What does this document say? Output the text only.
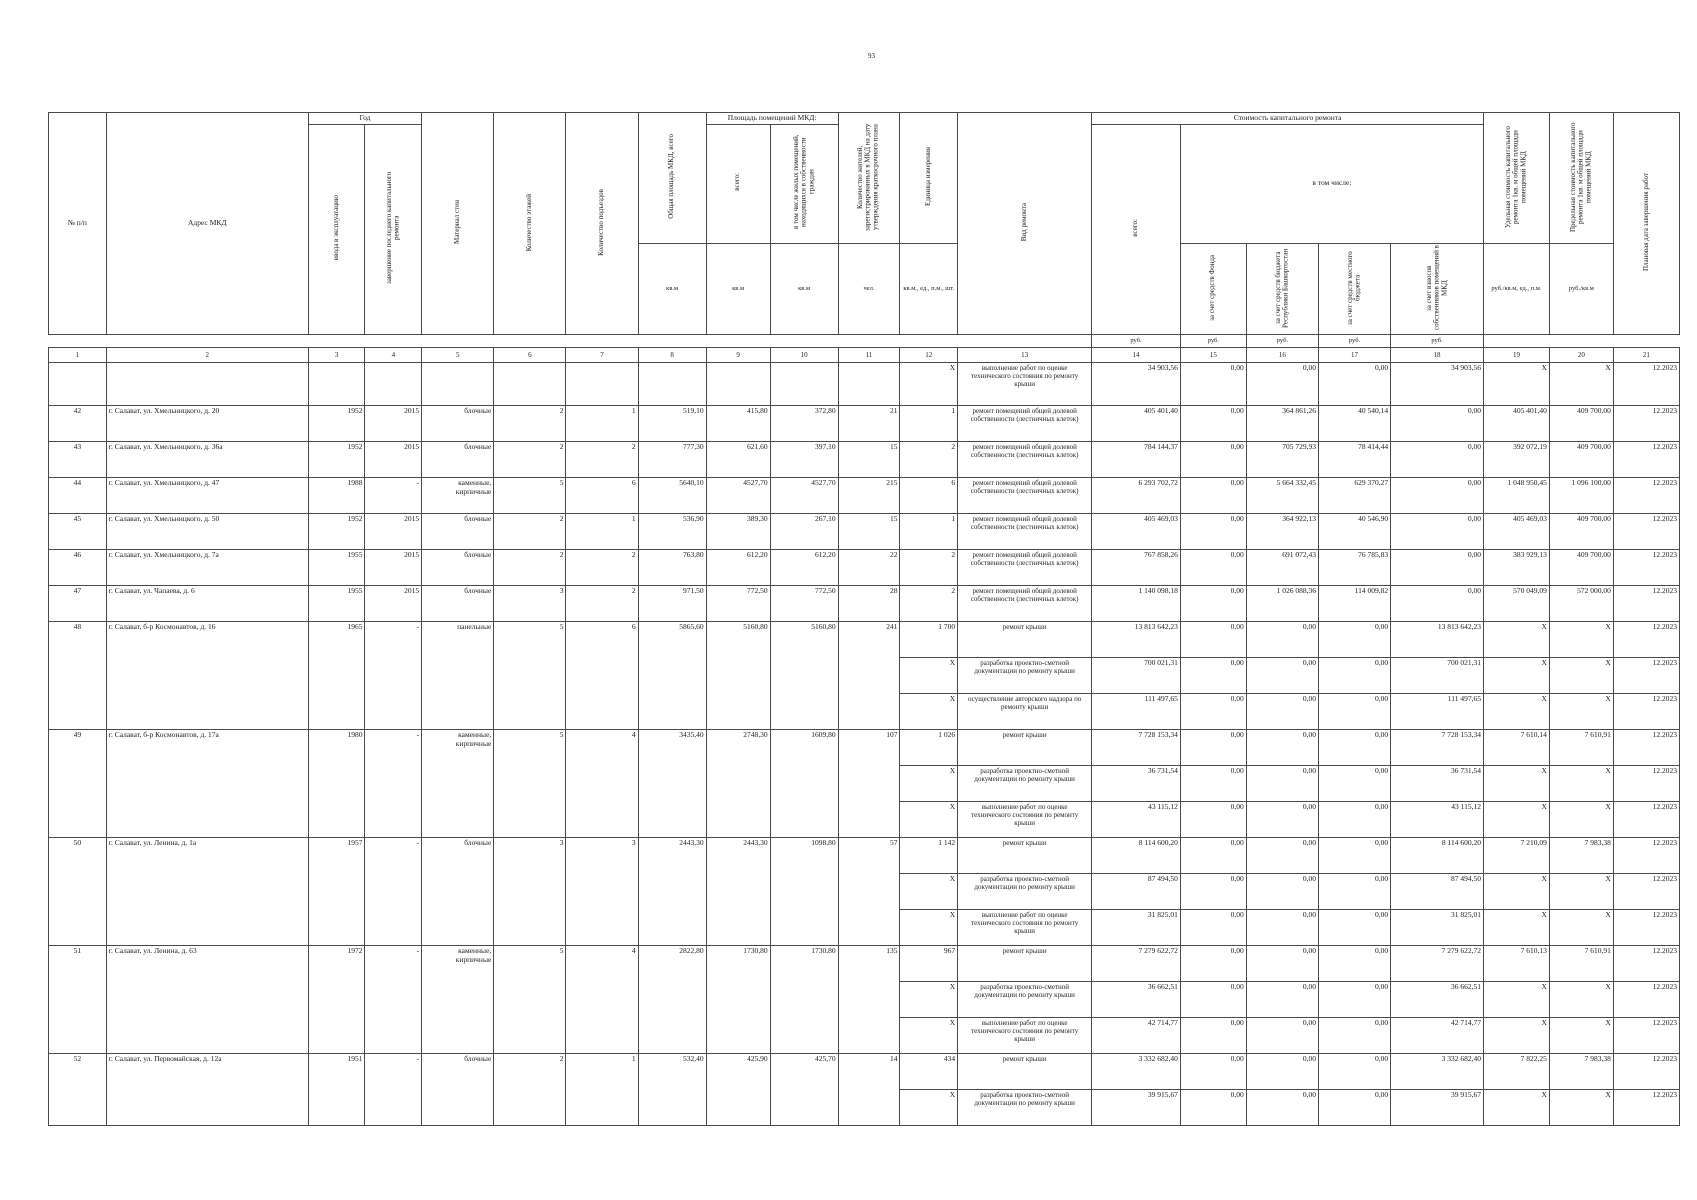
93
№ п/п	Адрес МКД	Год		Материал стен	Количество этажей	Количество подъездов	Общая площадь МКД, всего	Площадь помещений МКД:		Количество жителей, зарегистрированных в МКД на дату утверждения краткосрочного плана	Единица измерения	Вид ремонта	Стоимость капитального ремонта					Удельная стоимость капитального ремонта 1кв. м общей площади помещений МКД	Предельная стоимость капитального ремонта 1кв. м общей площади помещений МКД	Плановая дата завершения работ
		ввода в эксплуатацию	завершение последнего капитального ремонта					всего:	в том числе жилых помещений, находящихся в собственности граждан				всего:	в том числе:						
							кв.м	кв.м	кв.м	чел.	кв.м., ед., п.м., шт.			за счет средств Фонда	за счет средств бюджета Республики Башкортостан	за счет средств местного бюджета	за счет взносов собственников помещений в МКД	руб./кв.м, ед., п.м.	руб./кв.м	
													руб.	руб.	руб.	руб.	руб.			
1	2	3	4	5	6	7	8	9	10	11	12	13	14	15	16	17	18	19	20	21
											X	выполнение работ по оценке технического состояния по ремонту крыши	34 903,56	0,00	0,00	0,00	34 903,56	X	X	12.2023
42	г. Салават, ул. Хмельницкого, д. 20	1952	2015	блочные	2	1	519,10	415,80	372,80	21	1	ремонт помещений общей долевой собственности (лестничных клеток)	405 401,40	0,00	364 861,26	40 540,14	0,00	405 401,40	409 700,00	12.2023
43	г. Салават, ул. Хмельницкого, д. 36а	1952	2015	блочные	2	2	777,30	621,60	397,10	15	2	ремонт помещений общей долевой собственности (лестничных клеток)	784 144,37	0,00	705 729,93	78 414,44	0,00	392 072,19	409 700,00	12.2023
44	г. Салават, ул. Хмельницкого, д. 47	1988	-	каменные, кирпичные	5	6	5640,10	4527,70	4527,70	215	6	ремонт помещений общей долевой собственности (лестничных клеток)	6 293 702,72	0,00	5 664 332,45	629 370,27	0,00	1 048 950,45	1 096 100,00	12.2023
45	г. Салават, ул. Хмельницкого, д. 50	1952	2015	блочные	2	1	536,90	389,30	267,10	15	1	ремонт помещений общей долевой собственности (лестничных клеток)	405 469,03	0,00	364 922,13	40 546,90	0,00	405 469,03	409 700,00	12.2023
46	г. Салават, ул. Хмельницкого, д. 7а	1955	2015	блочные	2	2	763,80	612,20	612,20	22	2	ремонт помещений общей долевой собственности (лестничных клеток)	767 858,26	0,00	691 072,43	76 785,83	0,00	383 929,13	409 700,00	12.2023
47	г. Салават, ул. Чапаева, д. 6	1955	2015	блочные	3	2	971,50	772,50	772,50	28	2	ремонт помещений общей долевой собственности (лестничных клеток)	1 140 098,18	0,00	1 026 088,36	114 009,82	0,00	570 049,09	572 000,00	12.2023
48	г. Салават, б-р Космонавтов, д. 16	1965	-	панельные	5	6	5865,60	5160,80	5160,80	241	1 700	ремонт крыши	13 813 642,23	0,00	0,00	0,00	13 813 642,23	X	X	12.2023
											X	разработка проектно-сметной документации по ремонту крыши	700 021,31	0,00	0,00	0,00	700 021,31	X	X	12.2023
											X	осуществление авторского надзора по ремонту крыши	111 497,65	0,00	0,00	0,00	111 497,65	X	X	12.2023
49	г. Салават, б-р Космонавтов, д. 17а	1980	-	каменные, кирпичные	5	4	3435,40	2748,30	1609,80	107	1 026	ремонт крыши	7 728 153,34	0,00	0,00	0,00	7 728 153,34	7 610,14	7 610,91	12.2023
											X	разработка проектно-сметной документации по ремонту крыши	36 731,54	0,00	0,00	0,00	36 731,54	X	X	12.2023
											X	выполнение работ по оценке технического состояния по ремонту крыши	43 115,12	0,00	0,00	0,00	43 115,12	X	X	12.2023
50	г. Салават, ул. Ленина, д. 1а	1957	-	блочные	3	3	2443,30	2443,30	1098,80	57	1 142	ремонт крыши	8 114 600,20	0,00	0,00	0,00	8 114 600,20	7 210,09	7 983,38	12.2023
											X	разработка проектно-сметной документации по ремонту крыши	87 494,50	0,00	0,00	0,00	87 494,50	X	X	12.2023
											X	выполнение работ по оценке технического состояния по ремонту крыши	31 825,01	0,00	0,00	0,00	31 825,01	X	X	12.2023
51	г. Салават, ул. Ленина, д. 63	1972	-	каменные, кирпичные	5	4	2822,80	1730,80	1730,80	135	967	ремонт крыши	7 279 622,72	0,00	0,00	0,00	7 279 622,72	7 610,13	7 610,91	12.2023
											X	разработка проектно-сметной документации по ремонту крыши	36 662,51	0,00	0,00	0,00	36 662,51	X	X	12.2023
											X	выполнение работ по оценке технического состояния по ремонту крыши	42 714,77	0,00	0,00	0,00	42 714,77	X	X	12.2023
52	г. Салават, ул. Первомайская, д. 12а	1951	-	блочные	2	1	532,40	425,90	425,70	14	434	ремонт крыши	3 332 682,40	0,00	0,00	0,00	3 332 682,40	7 822,25	7 983,38	12.2023
											X	разработка проектно-сметной документации по ремонту крыши	39 915,67	0,00	0,00	0,00	39 915,67	X	X	12.2023
